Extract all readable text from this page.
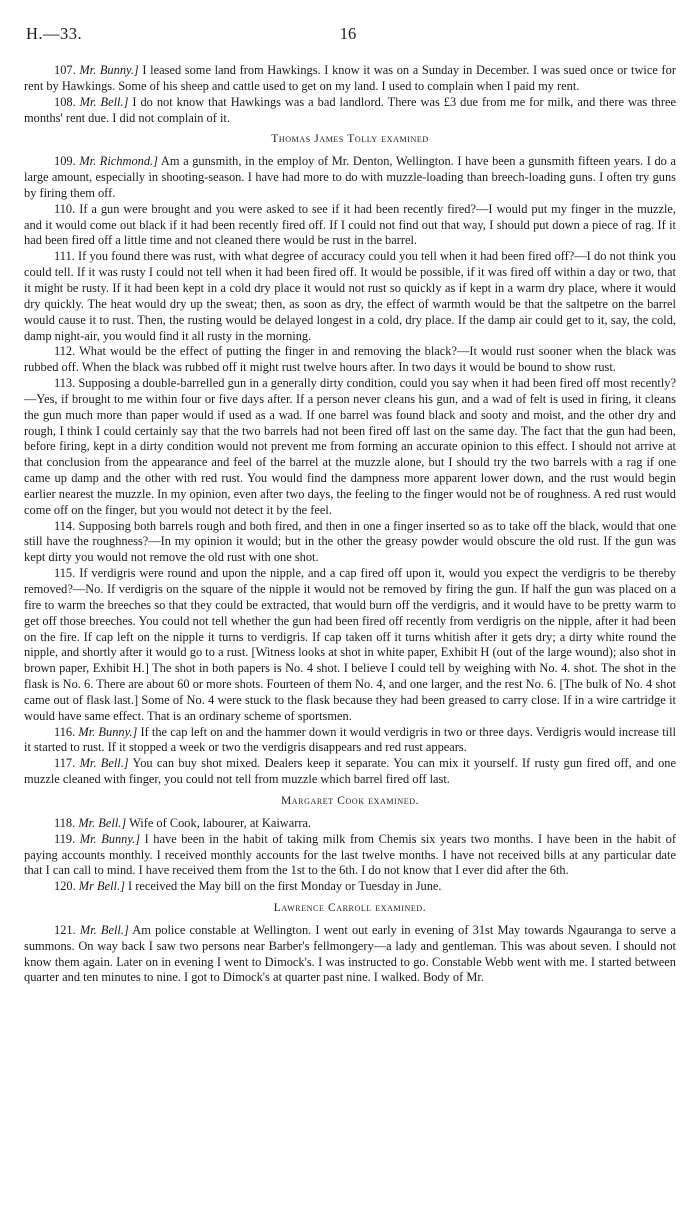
H.—33.	16

107. Mr. Bunny.] I leased some land from Hawkings. I know it was on a Sunday in December. I was sued once or twice for rent by Hawkings. Some of his sheep and cattle used to get on my land. I used to complain when I paid my rent.

108. Mr. Bell.] I do not know that Hawkings was a bad landlord. There was £3 due from me for milk, and there was three months' rent due. I did not complain of it.

Thomas James Tolly examined

109. Mr. Richmond.] Am a gunsmith, in the employ of Mr. Denton, Wellington. I have been a gunsmith fifteen years. I do a large amount, especially in shooting-season. I have had more to do with muzzle-loading than breech-loading guns. I often try guns by firing them off.

110. If a gun were brought and you were asked to see if it had been recently fired?—I would put my finger in the muzzle, and it would come out black if it had been recently fired off. If I could not find out that way, I should put down a piece of rag. If it had been fired off a little time and not cleaned there would be rust in the barrel.

111. If you found there was rust, with what degree of accuracy could you tell when it had been fired off?—I do not think you could tell. If it was rusty I could not tell when it had been fired off. It would be possible, if it was fired off within a day or two, that it might be rusty. If it had been kept in a cold dry place it would not rust so quickly as if kept in a warm dry place, where it would dry quickly. The heat would dry up the sweat; then, as soon as dry, the effect of warmth would be that the saltpetre on the barrel would cause it to rust. Then, the rusting would be delayed longest in a cold, dry place. If the damp air could get to it, say, the cold, damp night-air, you would find it all rusty in the morning.

112. What would be the effect of putting the finger in and removing the black?—It would rust sooner when the black was rubbed off. When the black was rubbed off it might rust twelve hours after. In two days it would be bound to show rust.

113. Supposing a double-barrelled gun in a generally dirty condition, could you say when it had been fired off most recently?—Yes, if brought to me within four or five days after. If a person never cleans his gun, and a wad of felt is used in firing, it cleans the gun much more than paper would if used as a wad. If one barrel was found black and sooty and moist, and the other dry and rough, I think I could certainly say that the two barrels had not been fired off last on the same day. The fact that the gun had been, before firing, kept in a dirty condition would not prevent me from forming an accurate opinion to this effect. I should not arrive at that conclusion from the appearance and feel of the barrel at the muzzle alone, but I should try the two barrels with a rag if one came up damp and the other with red rust. You would find the dampness more apparent lower down, and the rust would begin earlier nearest the muzzle. In my opinion, even after two days, the feeling to the finger would not be of roughness. A red rust would come off on the finger, but you would not detect it by the feel.

114. Supposing both barrels rough and both fired, and then in one a finger inserted so as to take off the black, would that one still have the roughness?—In my opinion it would; but in the other the greasy powder would obscure the old rust. If the gun was kept dirty you would not remove the old rust with one shot.

115. If verdigris were round and upon the nipple, and a cap fired off upon it, would you expect the verdigris to be thereby removed?—No. If verdigris on the square of the nipple it would not be removed by firing the gun. If half the gun was placed on a fire to warm the breeches so that they could be extracted, that would burn off the verdigris, and it would have to be pretty warm to get off those breeches. You could not tell whether the gun had been fired off recently from verdigris on the nipple, after it had been on the fire. If cap left on the nipple it turns to verdigris. If cap taken off it turns whitish after it gets dry; a dirty white round the nipple, and shortly after it would go to a rust. [Witness looks at shot in white paper, Exhibit H (out of the large wound); also shot in brown paper, Exhibit H.] The shot in both papers is No. 4 shot. I believe I could tell by weighing with No. 4. shot. The shot in the flask is No. 6. There are about 60 or more shots. Fourteen of them No. 4, and one larger, and the rest No. 6. [The bulk of No. 4 shot came out of flask last.] Some of No. 4 were stuck to the flask because they had been greased to carry close. If in a wire cartridge it would have same effect. That is an ordinary scheme of sportsmen.

116. Mr. Bunny.] If the cap left on and the hammer down it would verdigris in two or three days. Verdigris would increase till it started to rust. If it stopped a week or two the verdigris disappears and red rust appears.

117. Mr. Bell.] You can buy shot mixed. Dealers keep it separate. You can mix it yourself. If rusty gun fired off, and one muzzle cleaned with finger, you could not tell from muzzle which barrel fired off last.

Margaret Cook examined.

118. Mr. Bell.] Wife of Cook, labourer, at Kaiwarra.

119. Mr. Bunny.] I have been in the habit of taking milk from Chemis six years two months. I have been in the habit of paying accounts monthly. I received monthly accounts for the last twelve months. I have not received bills at any particular date that I can call to mind. I have received them from the 1st to the 6th. I do not know that I ever did after the 6th.

120. Mr Bell.] I received the May bill on the first Monday or Tuesday in June.

Lawrence Carroll examined.

121. Mr. Bell.] Am police constable at Wellington. I went out early in evening of 31st May towards Ngauranga to serve a summons. On way back I saw two persons near Barber's fellmongery—a lady and gentleman. This was about seven. I should not know them again. Later on in evening I went to Dimock's. I was instructed to go. Constable Webb went with me. I started between quarter and ten minutes to nine. I got to Dimock's at quarter past nine. I walked. Body of Mr.
